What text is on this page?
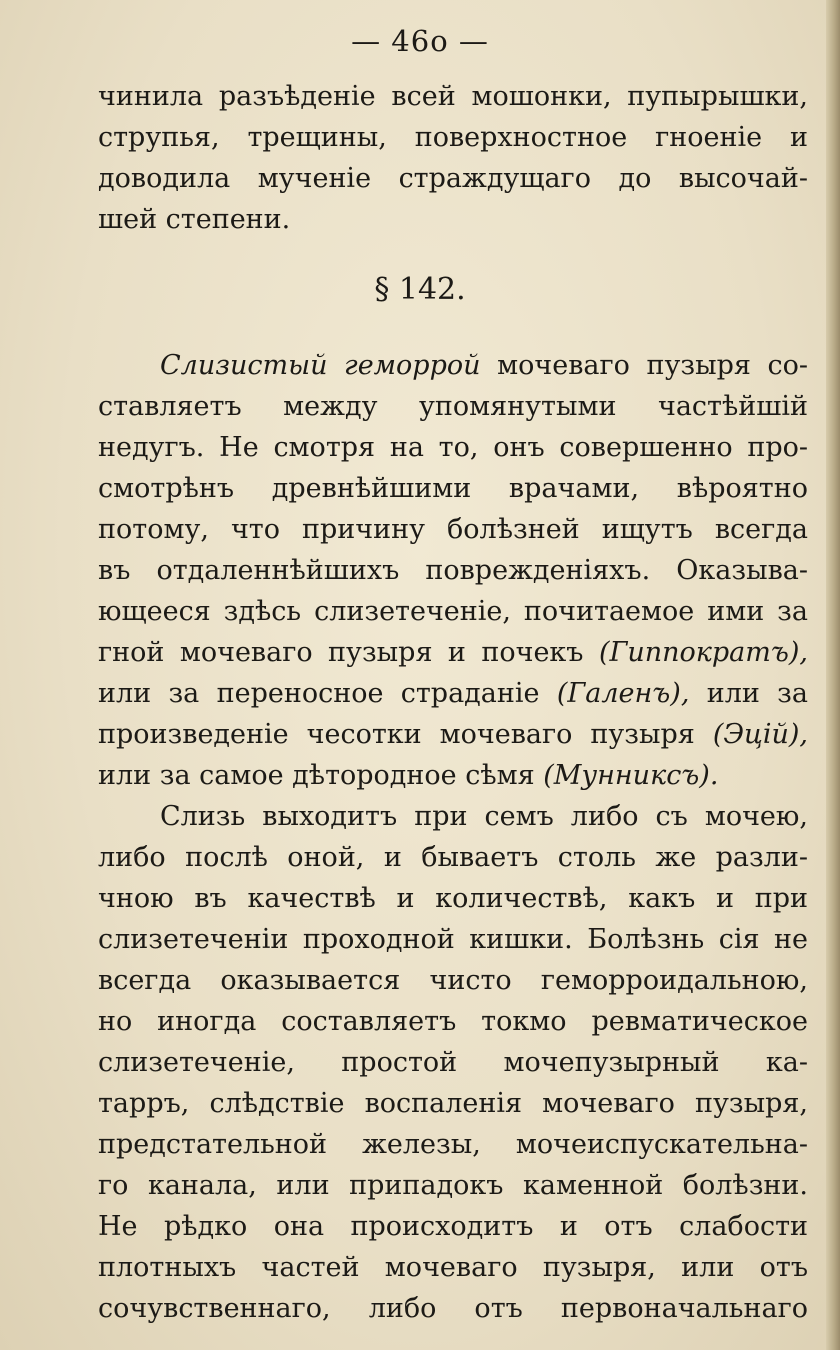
— 46о —
чинила разъѣденіе всей мошонки, пупырышки,
струпья, трещины, поверхностное гноеніе и
доводила мученіе страждущаго до высочай-
шей степени.
§ 142.
Слизистый геморрой мочеваго пузыря со-
ставляетъ между упомянутыми частѣйшій
недугъ. Не смотря на то, онъ совершенно про-
смотрѣнъ древнѣйшими врачами, вѣроятно
потому, что причину болѣзней ищутъ всегда
въ отдаленнѣйшихъ поврежденіяхъ. Оказыва-
ющееся здѣсь слизетеченіе, почитаемое ими за
гной мочеваго пузыря и почекъ (Гиппократъ),
или за переносное страданіе (Галенъ), или за
произведеніе чесотки мочеваго пузыря (Эцій),
или за самое дѣтородное сѣмя (Мунниксъ).
Слизь выходитъ при семъ либо съ мочею,
либо послѣ оной, и бываетъ столь же разли-
чною въ качествѣ и количествѣ, какъ и при
слизетеченіи проходной кишки. Болѣзнь сія не
всегда оказывается чисто геморроидальною,
но иногда составляетъ токмо ревматическое
слизетеченіе, простой мочепузырный ка-
тарръ, слѣдствіе воспаленія мочеваго пузыря,
предстательной железы, мочеиспускательна-
го канала, или припадокъ каменной болѣзни.
Не рѣдко она происходитъ и отъ слабости
плотныхъ частей мочеваго пузыря, или отъ
сочувственнаго, либо отъ первоначальнаго
